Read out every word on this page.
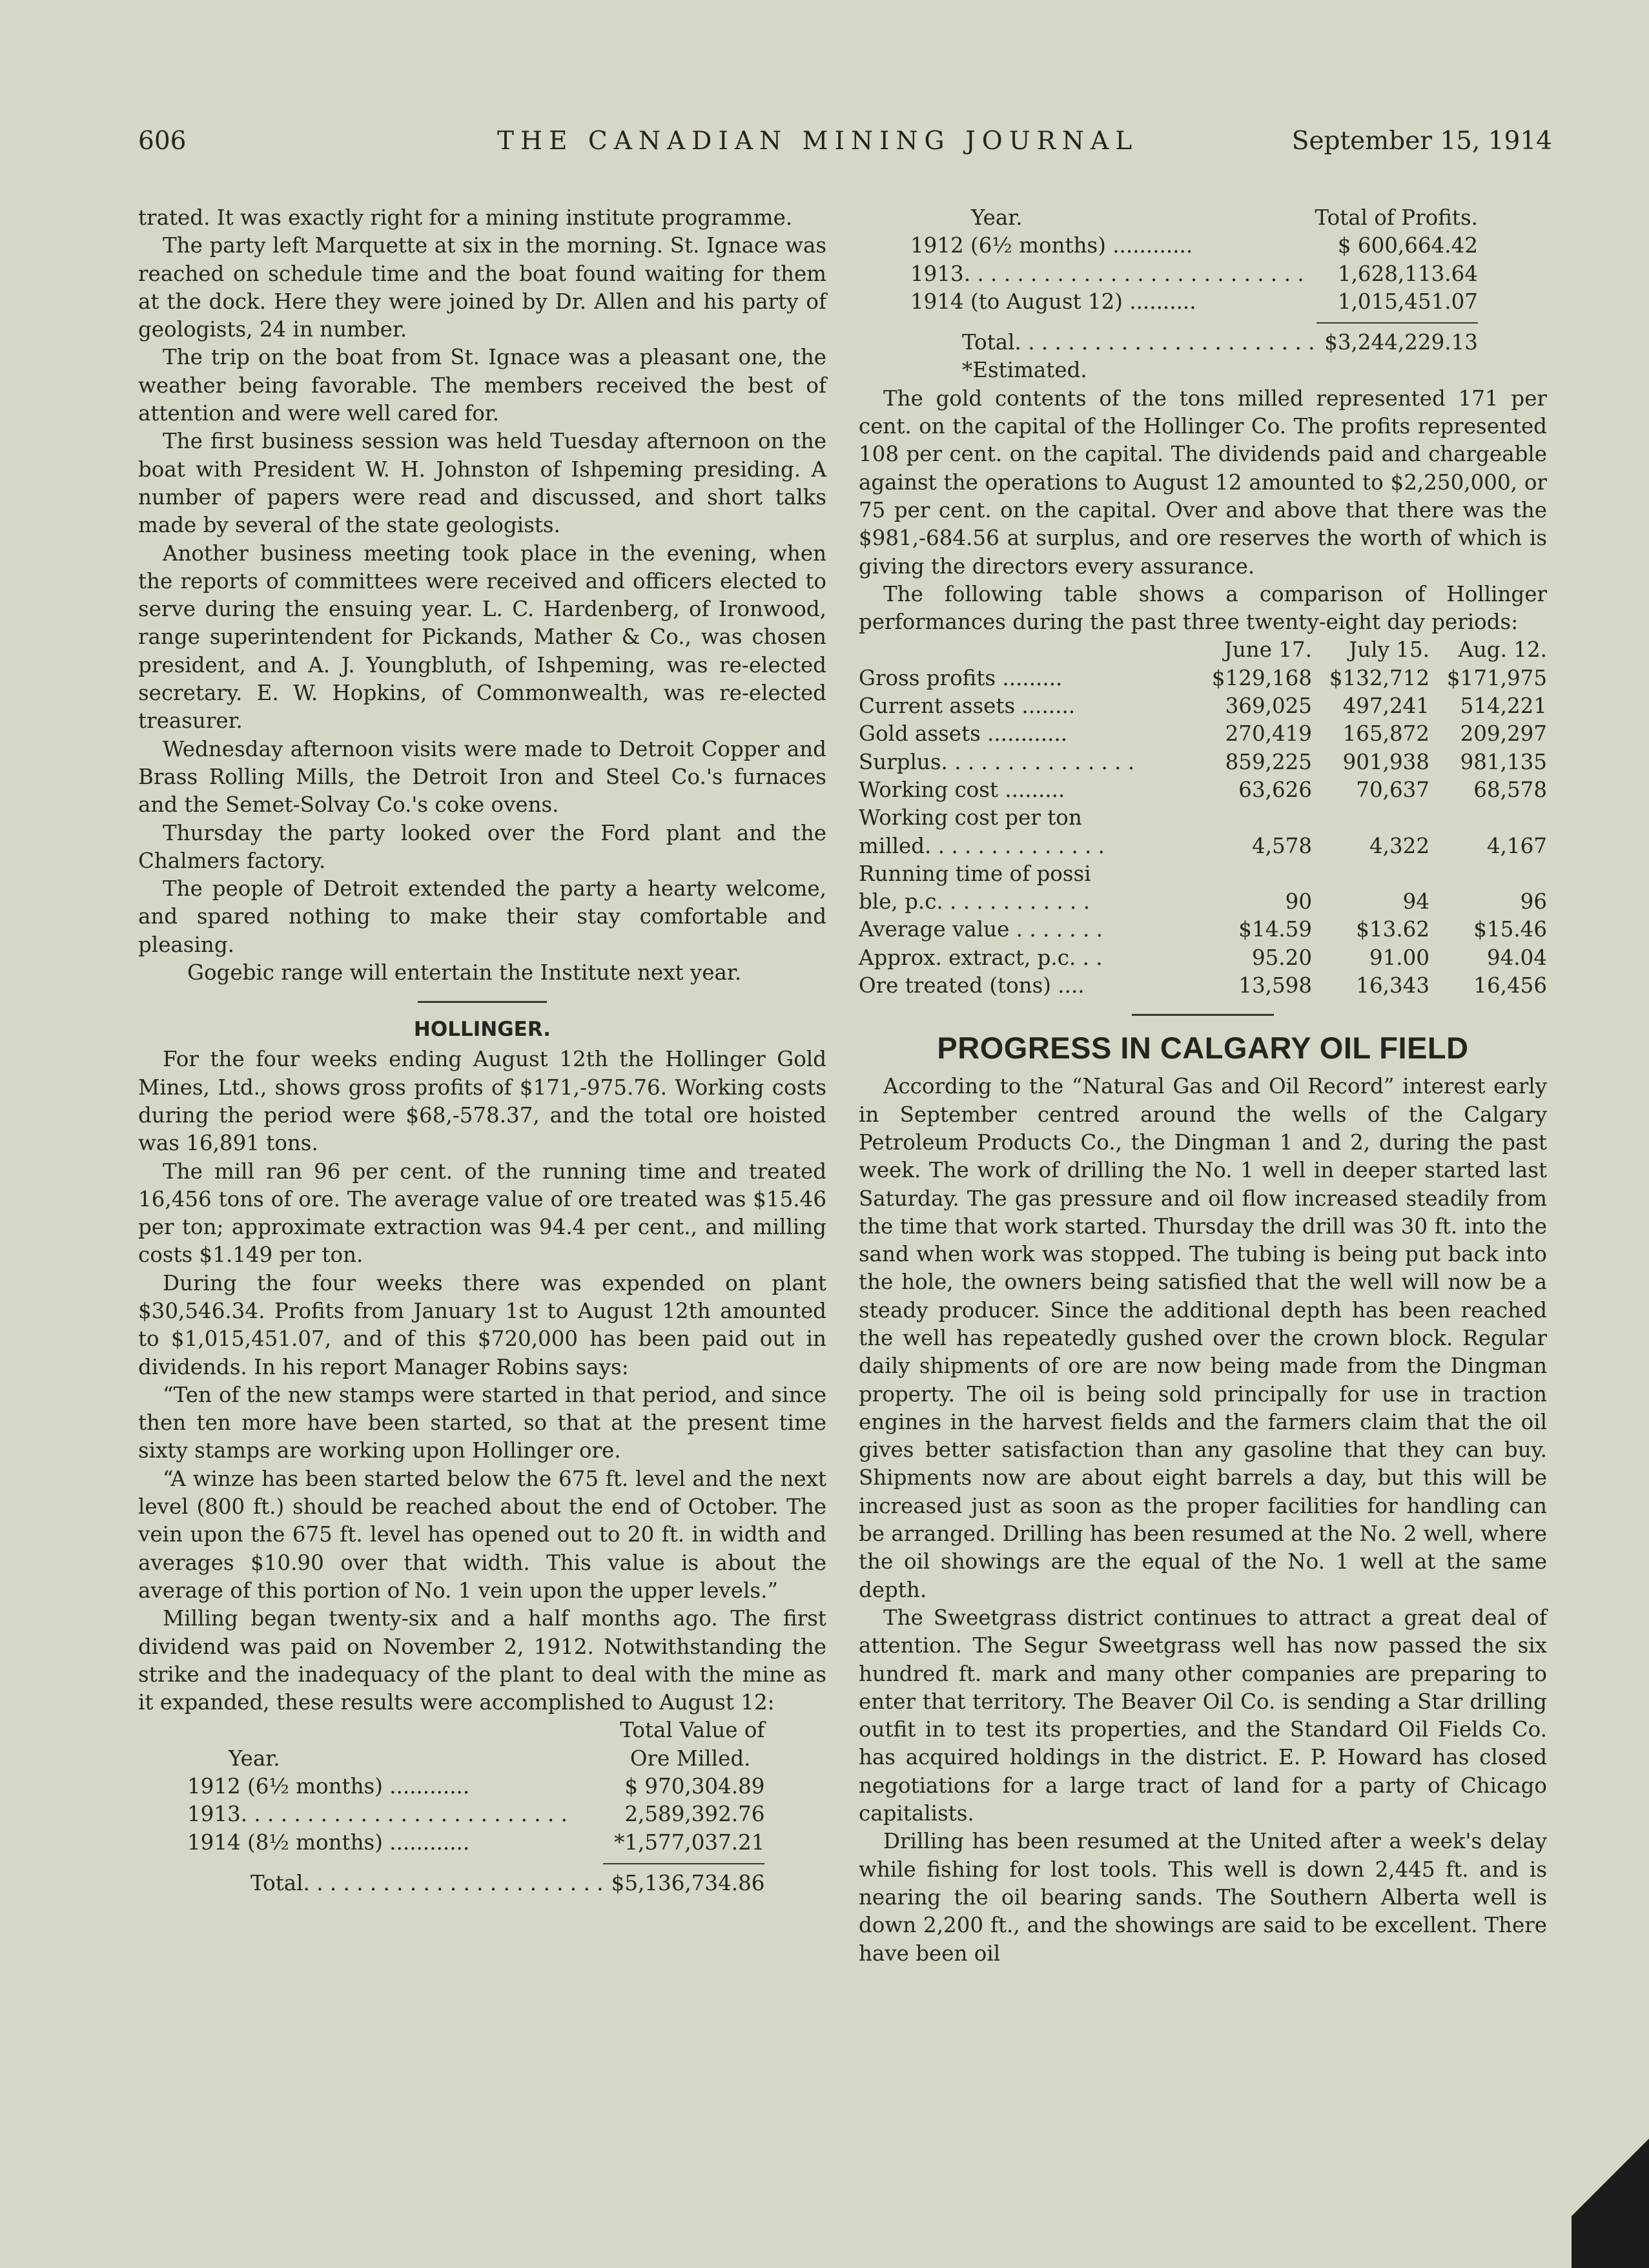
606	THE CANADIAN MINING JOURNAL	September 15, 1914

trated. It was exactly right for a mining institute programme.

The party left Marquette at six in the morning. St. Ignace was reached on schedule time and the boat found waiting for them at the dock. Here they were joined by Dr. Allen and his party of geologists, 24 in number.

The trip on the boat from St. Ignace was a pleasant one, the weather being favorable. The members received the best of attention and were well cared for.

The first business session was held Tuesday afternoon on the boat with President W. H. Johnston of Ishpeming presiding. A number of papers were read and discussed, and short talks made by several of the state geologists.

Another business meeting took place in the evening, when the reports of committees were received and officers elected to serve during the ensuing year. L. C. Hardenberg, of Ironwood, range superintendent for Pickands, Mather & Co., was chosen president, and A. J. Youngbluth, of Ishpeming, was re-elected secretary. E. W. Hopkins, of Commonwealth, was re-elected treasurer.

Wednesday afternoon visits were made to Detroit Copper and Brass Rolling Mills, the Detroit Iron and Steel Co.'s furnaces and the Semet-Solvay Co.'s coke ovens.

Thursday the party looked over the Ford plant and the Chalmers factory.

The people of Detroit extended the party a hearty welcome, and spared nothing to make their stay comfortable and pleasing.

Gogebic range will entertain the Institute next year.

HOLLINGER.

For the four weeks ending August 12th the Hollinger Gold Mines, Ltd., shows gross profits of $171,-975.76. Working costs during the period were $68,-578.37, and the total ore hoisted was 16,891 tons.

The mill ran 96 per cent. of the running time and treated 16,456 tons of ore. The average value of ore treated was $15.46 per ton; approximate extraction was 94.4 per cent., and milling costs $1.149 per ton.

During the four weeks there was expended on plant $30,546.34. Profits from January 1st to August 12th amounted to $1,015,451.07, and of this $720,000 has been paid out in dividends. In his report Manager Robins says:

“Ten of the new stamps were started in that period, and since then ten more have been started, so that at the present time sixty stamps are working upon Hollinger ore.

“A winze has been started below the 675 ft. level and the next level (800 ft.) should be reached about the end of October. The vein upon the 675 ft. level has opened out to 20 ft. in width and averages $10.90 over that width. This value is about the average of this portion of No. 1 vein upon the upper levels.”

Milling began twenty-six and a half months ago. The first dividend was paid on November 2, 1912. Notwithstanding the strike and the inadequacy of the plant to deal with the mine as it expanded, these results were accomplished to August 12:

	Total Value of
Year.	Ore Milled.
1912 (6½ months) ............	$ 970,304.89
1913. . . . . . . . . . . . . . . . . . . . . . . . .	2,589,392.76
1914 (8½ months) ............	*1,577,037.21

Total. . . . . . . . . . . . . . . . . . . . . . .	$5,136,734.86
Year.	Total of Profits.
1912 (6½ months) ............	$ 600,664.42
1913. . . . . . . . . . . . . . . . . . . . . . . . . .	1,628,113.64
1914 (to August 12) ..........	1,015,451.07

Total. . . . . . . . . . . . . . . . . . . . . . .	$3,244,229.13
*Estimated.	

The gold contents of the tons milled represented 171 per cent. on the capital of the Hollinger Co. The profits represented 108 per cent. on the capital. The dividends paid and chargeable against the operations to August 12 amounted to $2,250,000, or 75 per cent. on the capital. Over and above that there was the $981,-684.56 at surplus, and ore reserves the worth of which is giving the directors every assurance.

The following table shows a comparison of Hollinger performances during the past three twenty-eight day periods:

	June 17.	July 15.	Aug. 12.
Gross profits .........	$129,168	$132,712	$171,975
Current assets ........	369,025	497,241	514,221
Gold assets ............	270,419	165,872	209,297
Surplus. . . . . . . . . . . . . . .	859,225	901,938	981,135
Working cost .........	63,626	70,637	68,578
Working cost per ton			
milled. . . . . . . . . . . . . .	4,578	4,322	4,167
Running time of possi			
ble, p.c. . . . . . . . . . . .	90	94	96
Average value . . . . . . .	$14.59	$13.62	$15.46
Approx. extract, p.c. . .	95.20	91.00	94.04
Ore treated (tons) ....	13,598	16,343	16,456
PROGRESS IN CALGARY OIL FIELD

According to the “Natural Gas and Oil Record” interest early in September centred around the wells of the Calgary Petroleum Products Co., the Dingman 1 and 2, during the past week. The work of drilling the No. 1 well in deeper started last Saturday. The gas pressure and oil flow increased steadily from the time that work started. Thursday the drill was 30 ft. into the sand when work was stopped. The tubing is being put back into the hole, the owners being satisfied that the well will now be a steady producer. Since the additional depth has been reached the well has repeatedly gushed over the crown block. Regular daily shipments of ore are now being made from the Dingman property. The oil is being sold principally for use in traction engines in the harvest fields and the farmers claim that the oil gives better satisfaction than any gasoline that they can buy. Shipments now are about eight barrels a day, but this will be increased just as soon as the proper facilities for handling can be arranged. Drilling has been resumed at the No. 2 well, where the oil showings are the equal of the No. 1 well at the same depth.

The Sweetgrass district continues to attract a great deal of attention. The Segur Sweetgrass well has now passed the six hundred ft. mark and many other companies are preparing to enter that territory. The Beaver Oil Co. is sending a Star drilling outfit in to test its properties, and the Standard Oil Fields Co. has acquired holdings in the district. E. P. Howard has closed negotiations for a large tract of land for a party of Chicago capitalists.

Drilling has been resumed at the United after a week's delay while fishing for lost tools. This well is down 2,445 ft. and is nearing the oil bearing sands. The Southern Alberta well is down 2,200 ft., and the showings are said to be excellent. There have been oil
